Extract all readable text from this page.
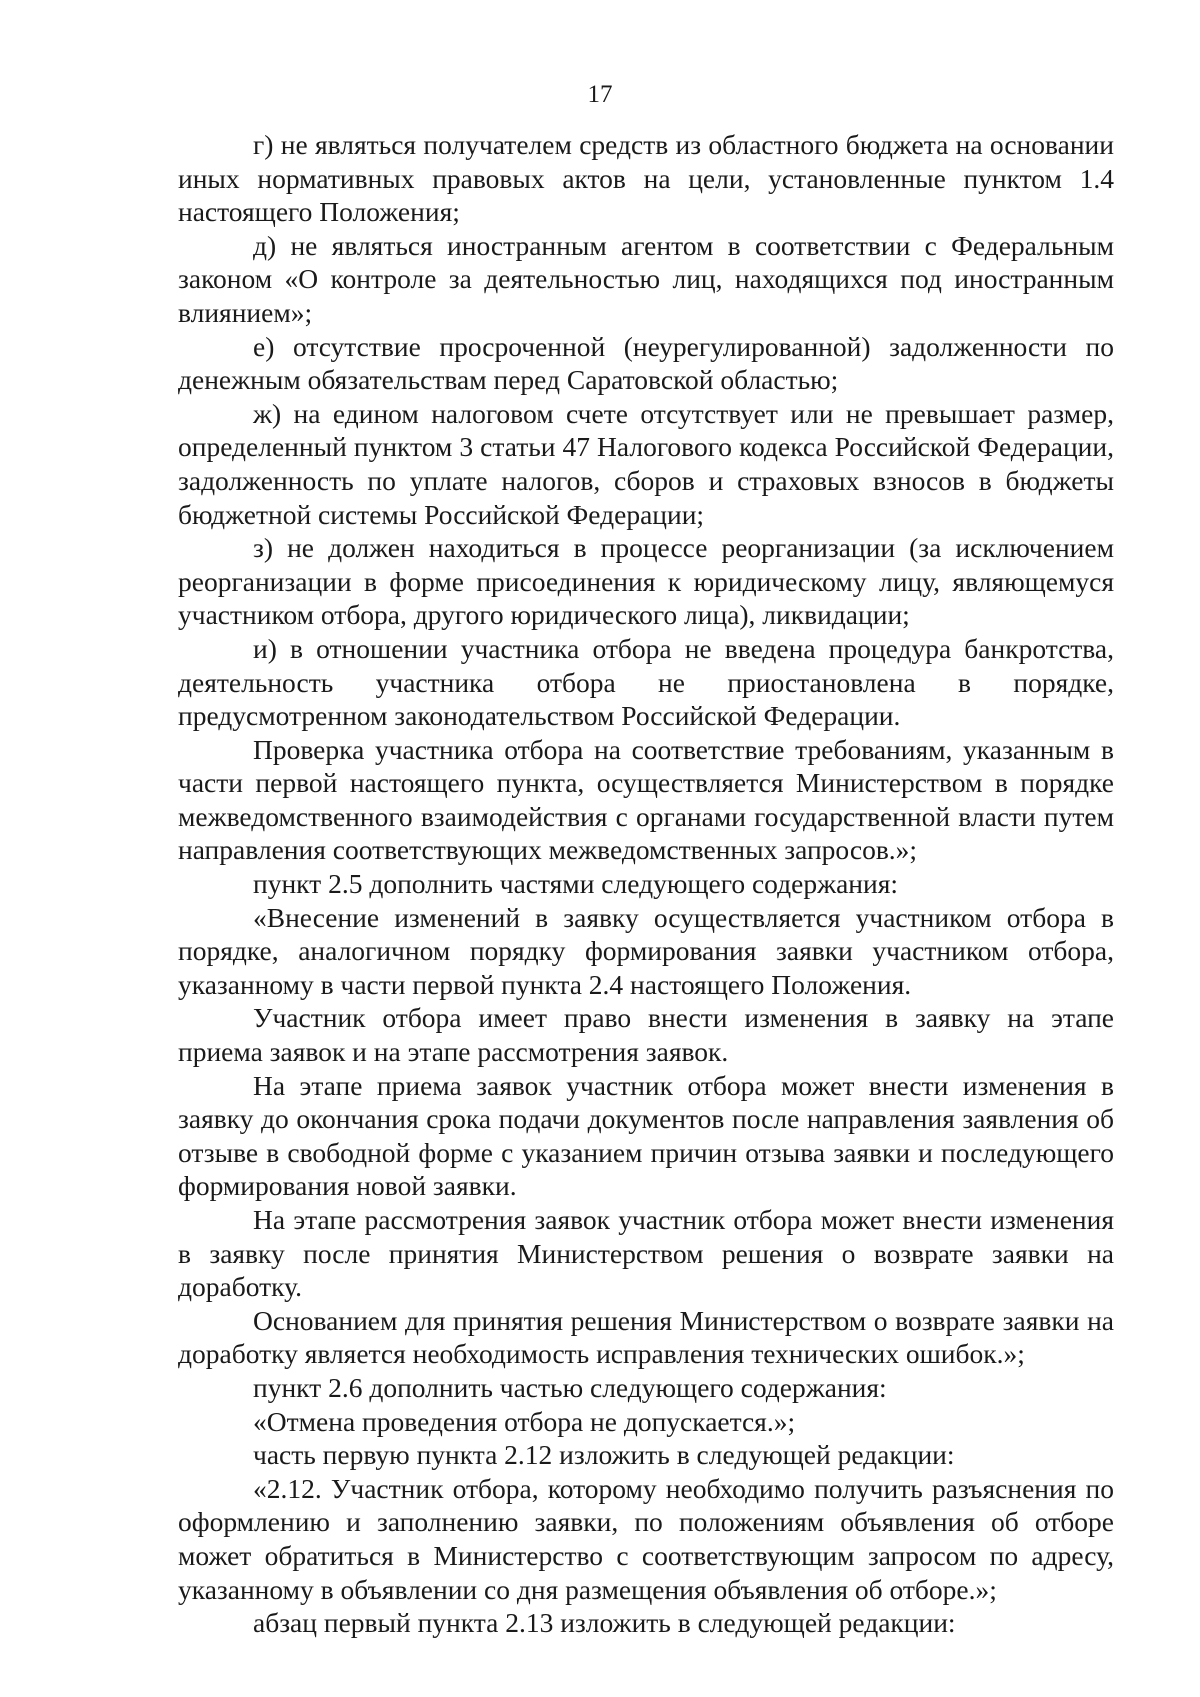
17

г) не являться получателем средств из областного бюджета на основании иных нормативных правовых актов на цели, установленные пунктом 1.4 настоящего Положения;

д) не являться иностранным агентом в соответствии с Федеральным законом «О контроле за деятельностью лиц, находящихся под иностранным влиянием»;

е) отсутствие просроченной (неурегулированной) задолженности по денежным обязательствам перед Саратовской областью;

ж) на едином налоговом счете отсутствует или не превышает размер, определенный пунктом 3 статьи 47 Налогового кодекса Российской Федерации, задолженность по уплате налогов, сборов и страховых взносов в бюджеты бюджетной системы Российской Федерации;

з) не должен находиться в процессе реорганизации (за исключением реорганизации в форме присоединения к юридическому лицу, являющемуся участником отбора, другого юридического лица), ликвидации;

и) в отношении участника отбора не введена процедура банкротства, деятельность участника отбора не приостановлена в порядке, предусмотренном законодательством Российской Федерации.

Проверка участника отбора на соответствие требованиям, указанным в части первой настоящего пункта, осуществляется Министерством в порядке межведомственного взаимодействия с органами государственной власти путем направления соответствующих межведомственных запросов.»;

пункт 2.5 дополнить частями следующего содержания:

«Внесение изменений в заявку осуществляется участником отбора в порядке, аналогичном порядку формирования заявки участником отбора, указанному в части первой пункта 2.4 настоящего Положения.

Участник отбора имеет право внести изменения в заявку на этапе приема заявок и на этапе рассмотрения заявок.

На этапе приема заявок участник отбора может внести изменения в заявку до окончания срока подачи документов после направления заявления об отзыве в свободной форме с указанием причин отзыва заявки и последующего формирования новой заявки.

На этапе рассмотрения заявок участник отбора может внести изменения в заявку после принятия Министерством решения о возврате заявки на доработку.

Основанием для принятия решения Министерством о возврате заявки на доработку является необходимость исправления технических ошибок.»;

пункт 2.6 дополнить частью следующего содержания:

«Отмена проведения отбора не допускается.»;

часть первую пункта 2.12 изложить в следующей редакции:

«2.12. Участник отбора, которому необходимо получить разъяснения по оформлению и заполнению заявки, по положениям объявления об отборе может обратиться в Министерство с соответствующим запросом по адресу, указанному в объявлении со дня размещения объявления об отборе.»;

абзац первый пункта 2.13 изложить в следующей редакции:
